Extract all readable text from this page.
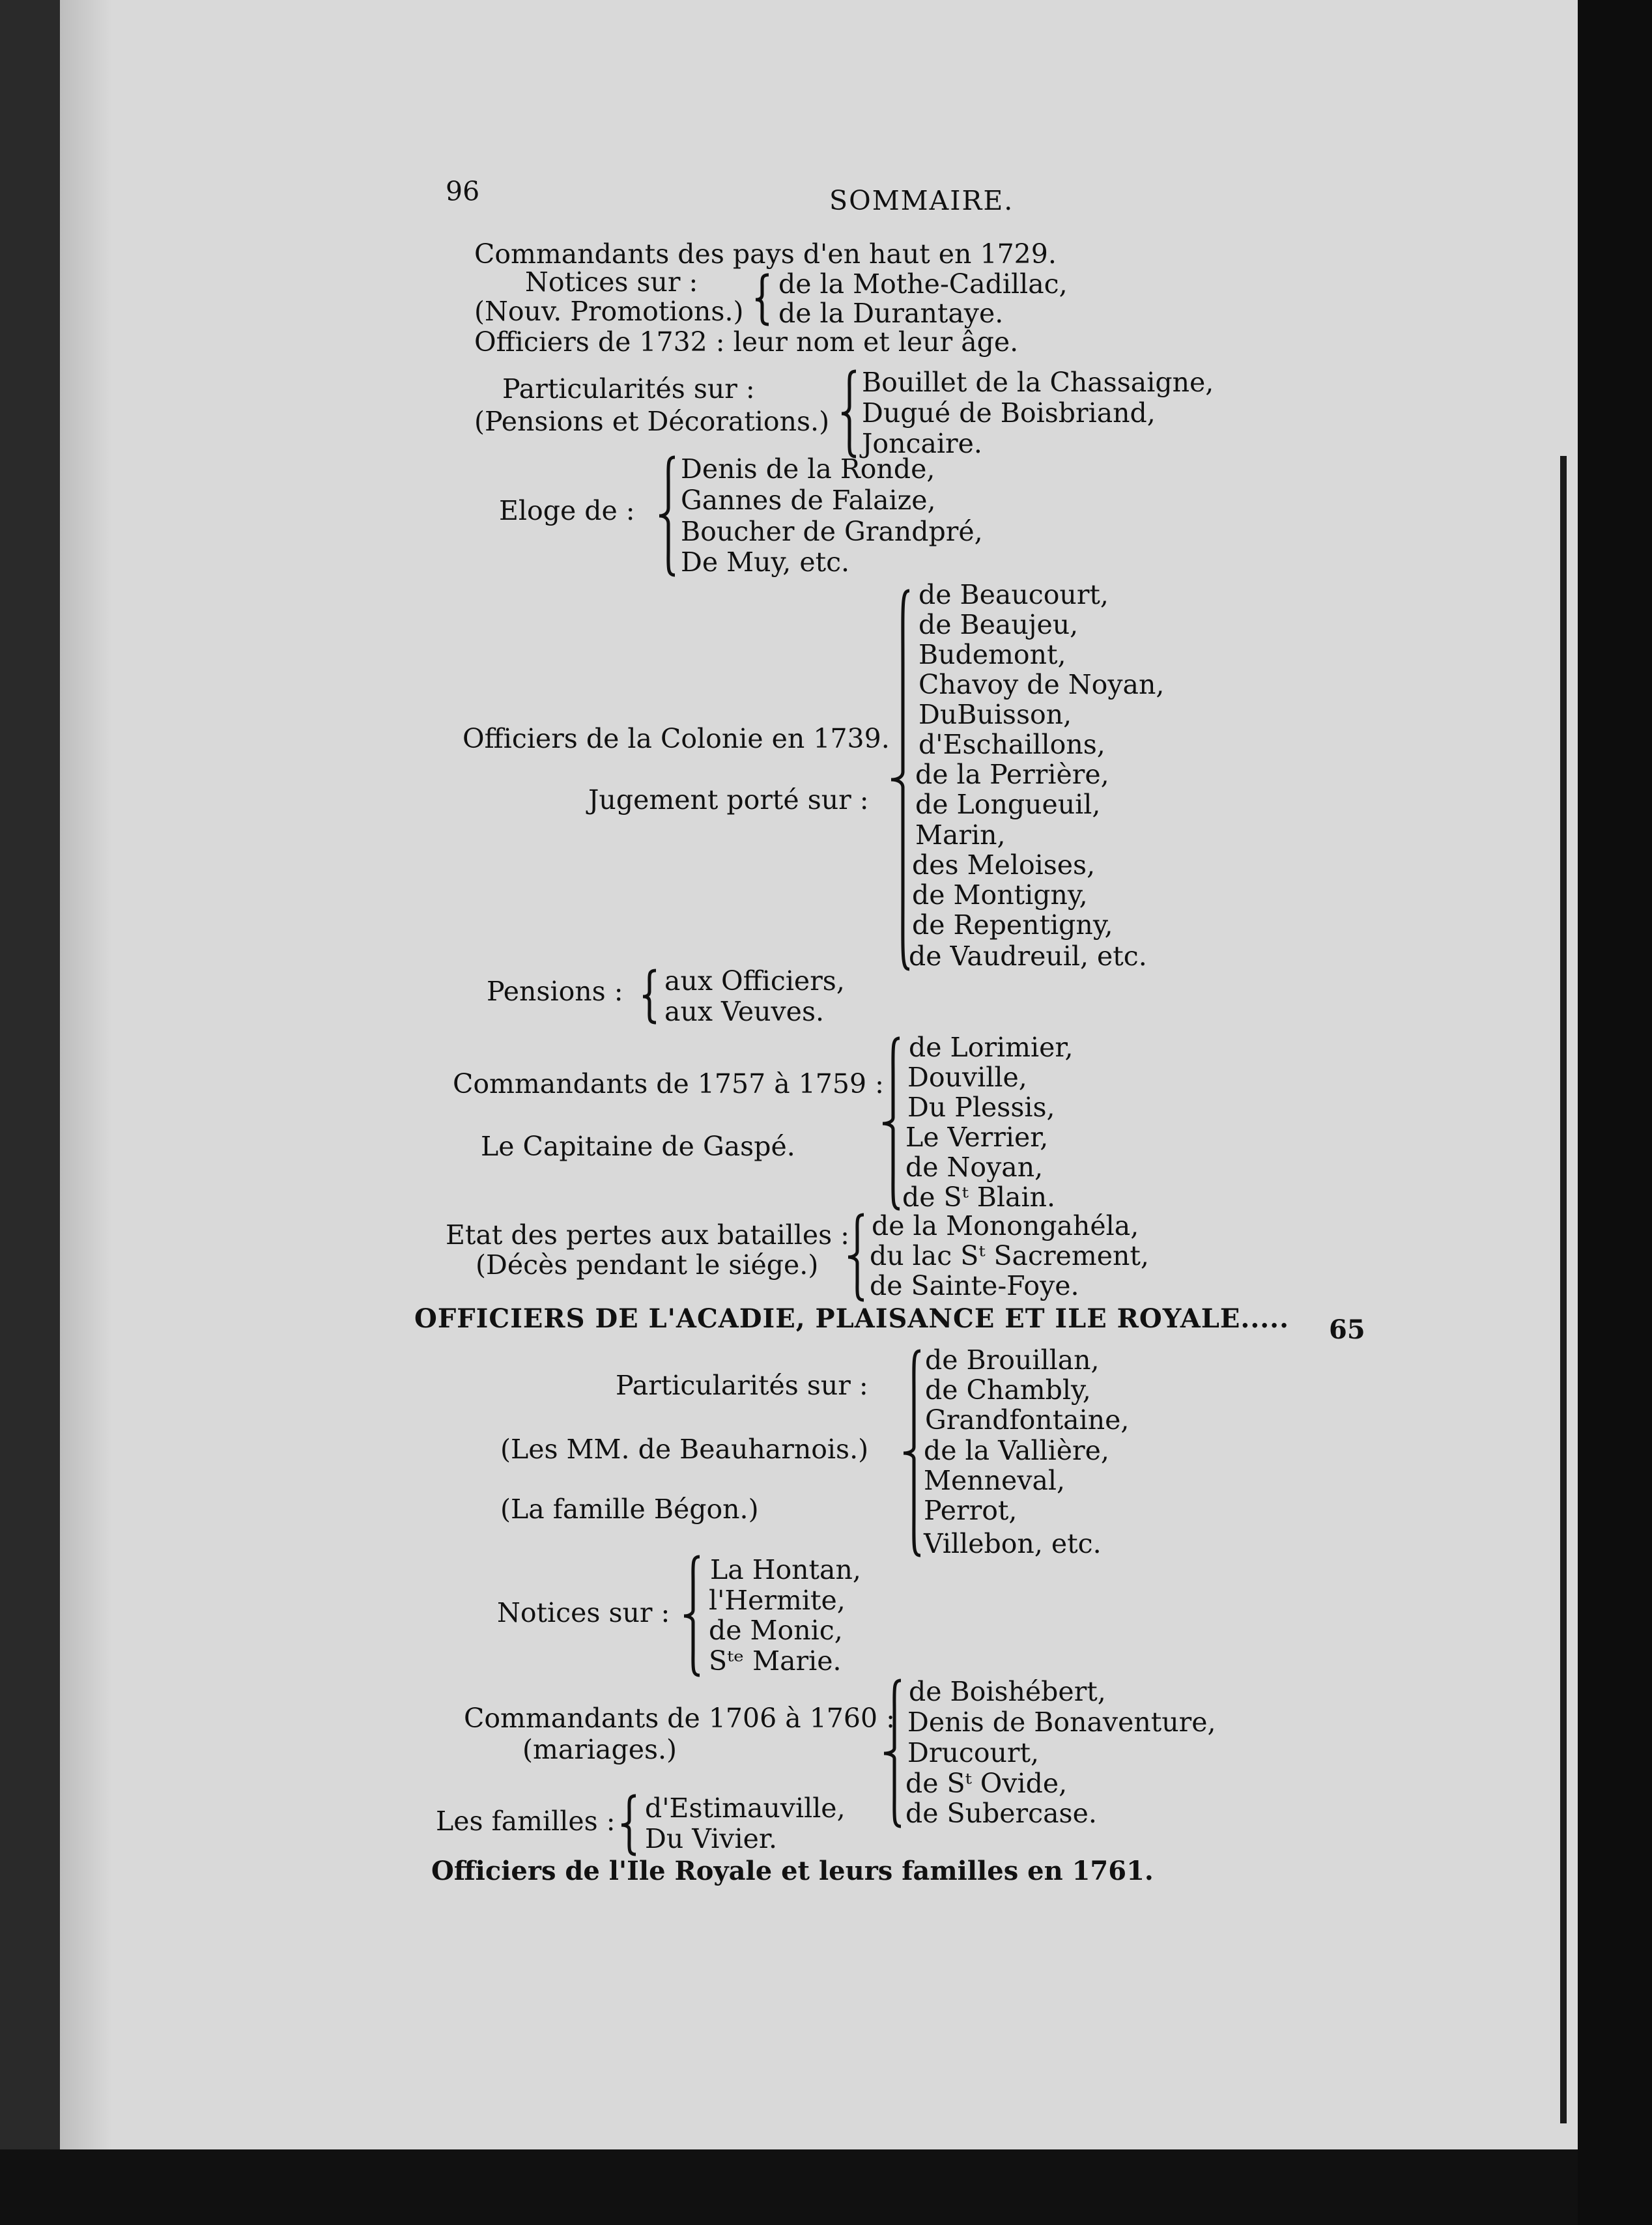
96	SOMMAIRE.
Commandants des pays d'en haut en 1729.
Notices sur :
(Nouv. Promotions.)
de la Mothe-Cadillac,
de la Durantaye.
Officiers de 1732 : leur nom et leur âge.
Particularités sur :
(Pensions et Décorations.)
Bouillet de la Chassaigne,
Dugué de Boisbriand,
Joncaire.
Eloge de :
Denis de la Ronde,
Gannes de Falaize,
Boucher de Grandpré,
De Muy, etc.
Officiers de la Colonie en 1739.
Jugement porté sur :
de Beaucourt,
de Beaujeu,
Budemont,
Chavoy de Noyan,
DuBuisson,
d'Eschaillons,
de la Perrière,
de Longueuil,
Marin,
des Meloises,
de Montigny,
de Repentigny,
de Vaudreuil, etc.
Pensions : aux Officiers,
aux Veuves.
Commandants de 1757 à 1759 :
Le Capitaine de Gaspé.
de Lorimier,
Douville,
Du Plessis,
Le Verrier,
de Noyan,
de Sᵗ Blain.
Etat des pertes aux batailles :
(Décès pendant le siége.)
de la Monongahéla,
du lac Sᵗ Sacrement,
de Sainte-Foye.
OFFICIERS DE L'ACADIE, PLAISANCE ET ILE ROYALE..... 65
Particularités sur :
(Les MM. de Beauharnois.)
(La famille Bégon.)
de Brouillan,
de Chambly,
Grandfontaine,
de la Vallière,
Menneval,
Perrot,
Villebon, etc.
Notices sur :
La Hontan,
l'Hermite,
de Monic,
Sᵗᵉ Marie.
Commandants de 1706 à 1760 :
(mariages.)
de Boishébert,
Denis de Bonaventure,
Drucourt,
de Sᵗ Ovide,
de Subercase.
Les familles : d'Estimauville,
Du Vivier.
Officiers de l'Ile Royale et leurs familles en 1761.
